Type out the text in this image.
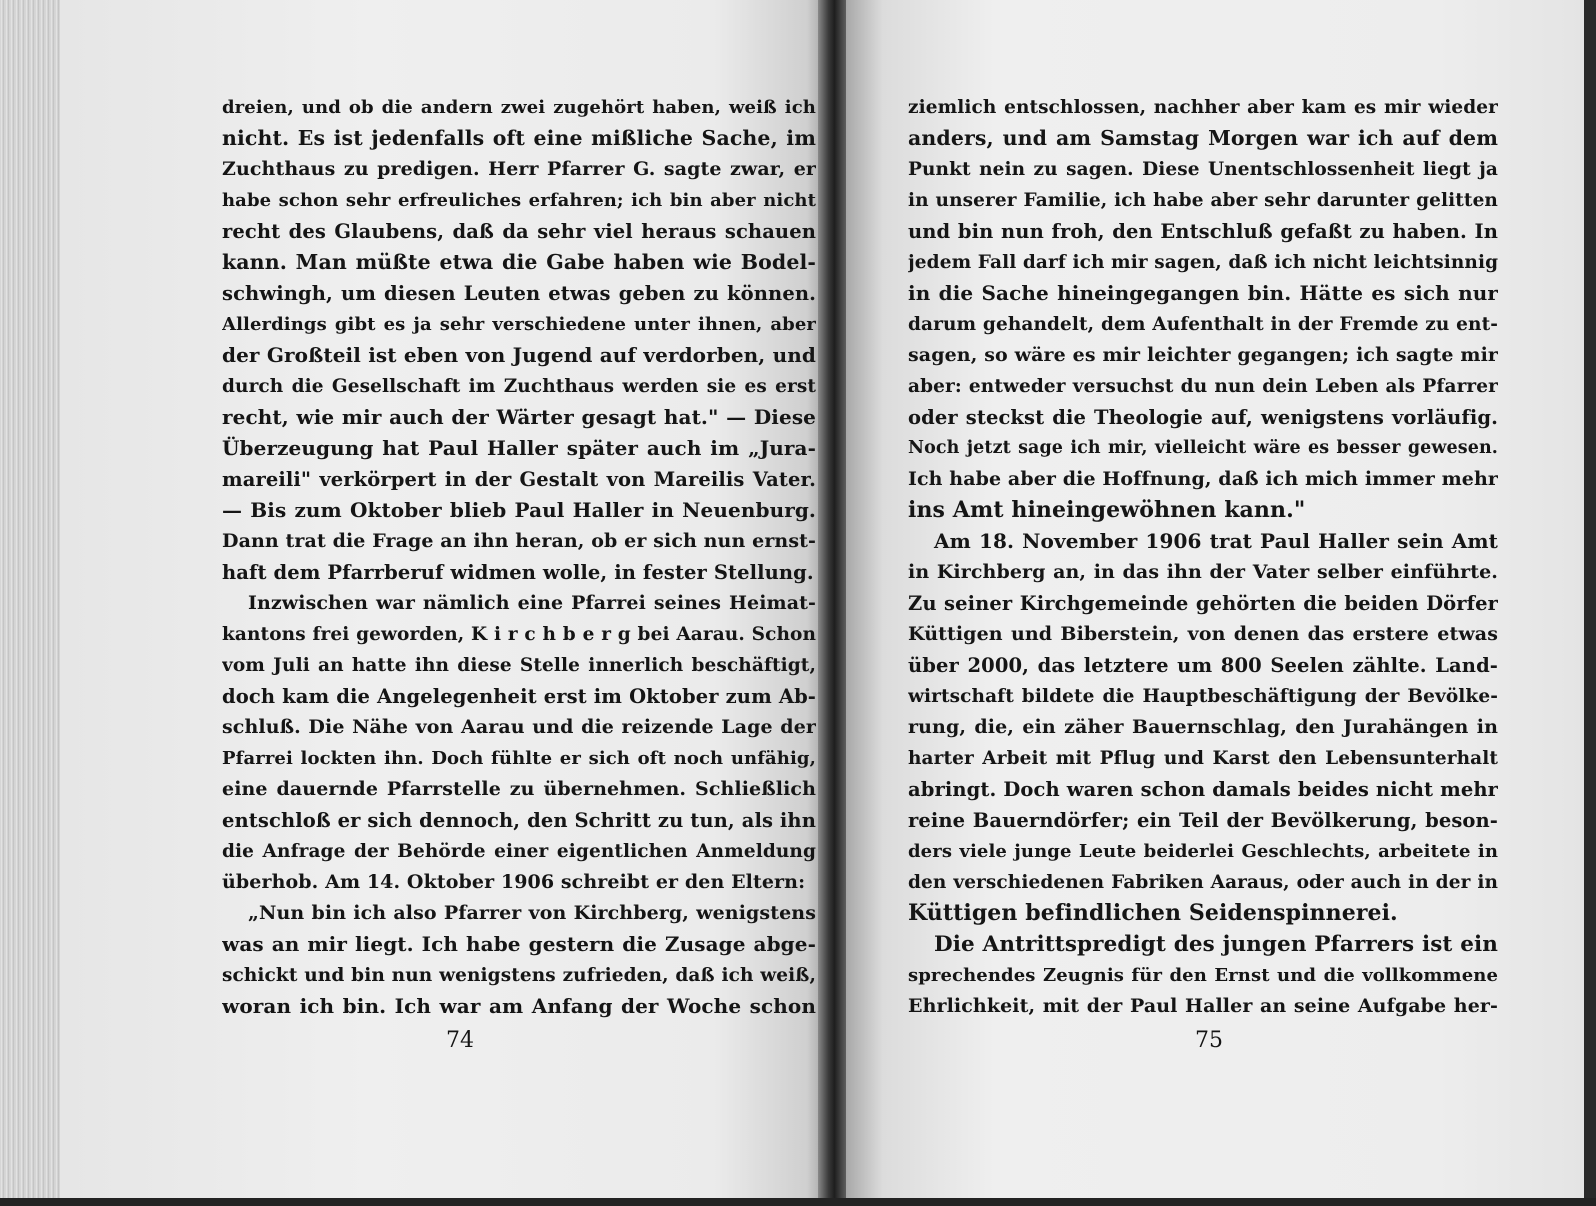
dreien, und ob die andern zwei zugehört haben, weiß ich
nicht. Es ist jedenfalls oft eine mißliche Sache, im
Zuchthaus zu predigen. Herr Pfarrer G. sagte zwar, er
habe schon sehr erfreuliches erfahren; ich bin aber nicht
recht des Glaubens, daß da sehr viel heraus schauen
kann. Man müßte etwa die Gabe haben wie Bodel-
schwingh, um diesen Leuten etwas geben zu können.
Allerdings gibt es ja sehr verschiedene unter ihnen, aber
der Großteil ist eben von Jugend auf verdorben, und
durch die Gesellschaft im Zuchthaus werden sie es erst
recht, wie mir auch der Wärter gesagt hat." — Diese
Überzeugung hat Paul Haller später auch im „Jura-
mareili" verkörpert in der Gestalt von Mareilis Vater.
— Bis zum Oktober blieb Paul Haller in Neuenburg.
Dann trat die Frage an ihn heran, ob er sich nun ernst-
haft dem Pfarrberuf widmen wolle, in fester Stellung.
Inzwischen war nämlich eine Pfarrei seines Heimat-
kantons frei geworden, K i r c h b e r g bei Aarau. Schon
vom Juli an hatte ihn diese Stelle innerlich beschäftigt,
doch kam die Angelegenheit erst im Oktober zum Ab-
schluß. Die Nähe von Aarau und die reizende Lage der
Pfarrei lockten ihn. Doch fühlte er sich oft noch unfähig,
eine dauernde Pfarrstelle zu übernehmen. Schließlich
entschloß er sich dennoch, den Schritt zu tun, als ihn
die Anfrage der Behörde einer eigentlichen Anmeldung
überhob. Am 14. Oktober 1906 schreibt er den Eltern:
„Nun bin ich also Pfarrer von Kirchberg, wenigstens
was an mir liegt. Ich habe gestern die Zusage abge-
schickt und bin nun wenigstens zufrieden, daß ich weiß,
woran ich bin. Ich war am Anfang der Woche schon
74
ziemlich entschlossen, nachher aber kam es mir wieder
anders, und am Samstag Morgen war ich auf dem
Punkt nein zu sagen. Diese Unentschlossenheit liegt ja
in unserer Familie, ich habe aber sehr darunter gelitten
und bin nun froh, den Entschluß gefaßt zu haben. In
jedem Fall darf ich mir sagen, daß ich nicht leichtsinnig
in die Sache hineingegangen bin. Hätte es sich nur
darum gehandelt, dem Aufenthalt in der Fremde zu ent-
sagen, so wäre es mir leichter gegangen; ich sagte mir
aber: entweder versuchst du nun dein Leben als Pfarrer
oder steckst die Theologie auf, wenigstens vorläufig.
Noch jetzt sage ich mir, vielleicht wäre es besser gewesen.
Ich habe aber die Hoffnung, daß ich mich immer mehr
ins Amt hineingewöhnen kann."
Am 18. November 1906 trat Paul Haller sein Amt
in Kirchberg an, in das ihn der Vater selber einführte.
Zu seiner Kirchgemeinde gehörten die beiden Dörfer
Küttigen und Biberstein, von denen das erstere etwas
über 2000, das letztere um 800 Seelen zählte. Land-
wirtschaft bildete die Hauptbeschäftigung der Bevölke-
rung, die, ein zäher Bauernschlag, den Jurahängen in
harter Arbeit mit Pflug und Karst den Lebensunterhalt
abringt. Doch waren schon damals beides nicht mehr
reine Bauerndörfer; ein Teil der Bevölkerung, beson-
ders viele junge Leute beiderlei Geschlechts, arbeitete in
den verschiedenen Fabriken Aaraus, oder auch in der in
Küttigen befindlichen Seidenspinnerei.
Die Antrittspredigt des jungen Pfarrers ist ein
sprechendes Zeugnis für den Ernst und die vollkommene
Ehrlichkeit, mit der Paul Haller an seine Aufgabe her-
75
